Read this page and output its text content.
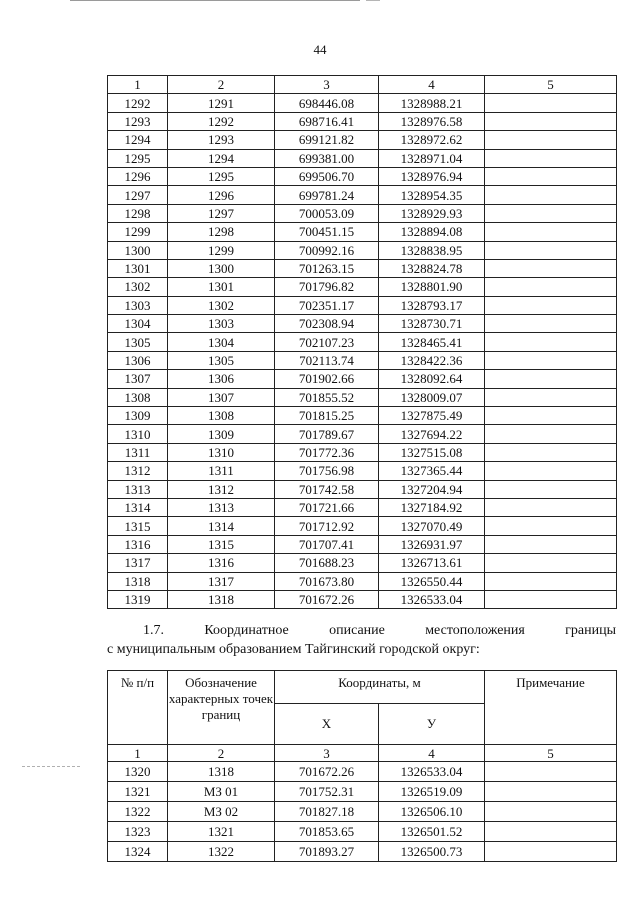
44
1	2	3	4	5
1292	1291	698446.08	1328988.21	
1293	1292	698716.41	1328976.58	
1294	1293	699121.82	1328972.62	
1295	1294	699381.00	1328971.04	
1296	1295	699506.70	1328976.94	
1297	1296	699781.24	1328954.35	
1298	1297	700053.09	1328929.93	
1299	1298	700451.15	1328894.08	
1300	1299	700992.16	1328838.95	
1301	1300	701263.15	1328824.78	
1302	1301	701796.82	1328801.90	
1303	1302	702351.17	1328793.17	
1304	1303	702308.94	1328730.71	
1305	1304	702107.23	1328465.41	
1306	1305	702113.74	1328422.36	
1307	1306	701902.66	1328092.64	
1308	1307	701855.52	1328009.07	
1309	1308	701815.25	1327875.49	
1310	1309	701789.67	1327694.22	
1311	1310	701772.36	1327515.08	
1312	1311	701756.98	1327365.44	
1313	1312	701742.58	1327204.94	
1314	1313	701721.66	1327184.92	
1315	1314	701712.92	1327070.49	
1316	1315	701707.41	1326931.97	
1317	1316	701688.23	1326713.61	
1318	1317	701673.80	1326550.44	
1319	1318	701672.26	1326533.04	
1.7.	Координатное	описание	местоположения	границы
с муниципальным образованием Тайгинский городской округ:
№ п/п	Обозначение характерных точек границ	Координаты, м		Примечание
		X	У	
1	2	3	4	5
1320	1318	701672.26	1326533.04	
1321	МЗ 01	701752.31	1326519.09	
1322	МЗ 02	701827.18	1326506.10	
1323	1321	701853.65	1326501.52	
1324	1322	701893.27	1326500.73	
